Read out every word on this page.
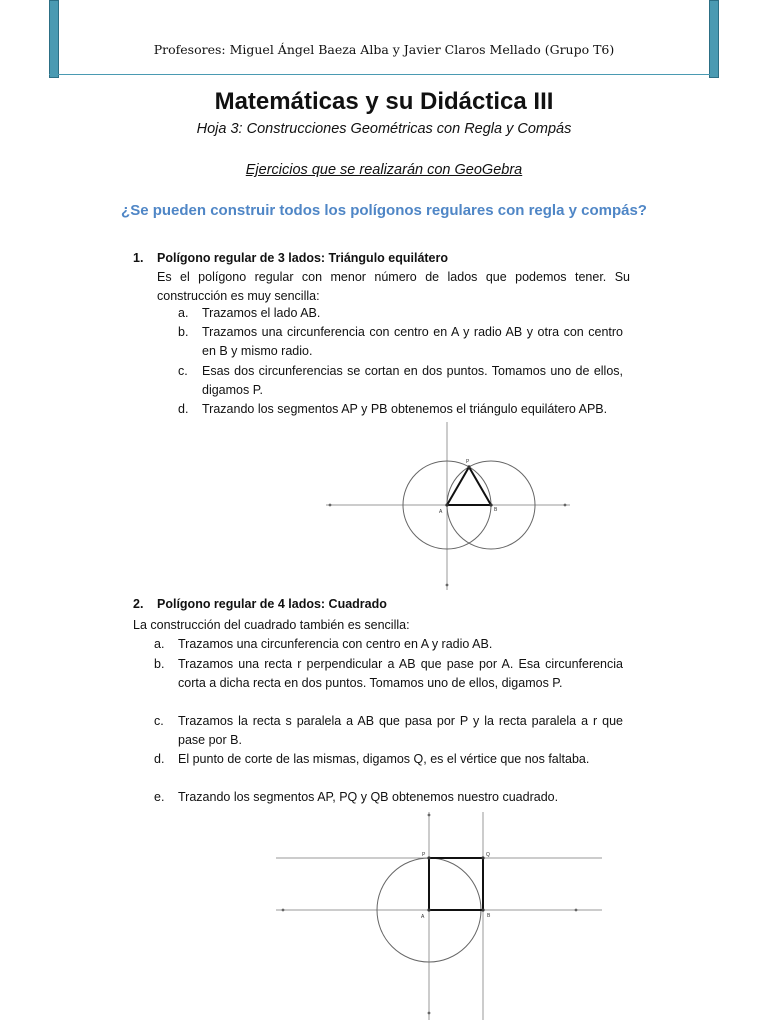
Profesores: Miguel Ángel Baeza Alba y Javier Claros Mellado (Grupo T6)
Matemáticas y su Didáctica III
Hoja 3: Construcciones Geométricas con Regla y Compás
Ejercicios que se realizarán con GeoGebra
¿Se pueden construir todos los polígonos regulares con regla y compás?
1. Polígono regular de 3 lados: Triángulo equilátero
Es el polígono regular con menor número de lados que podemos tener. Su construcción es muy sencilla:
a. Trazamos el lado AB.
b. Trazamos una circunferencia con centro en A y radio AB y otra con centro en B y mismo radio.
c. Esas dos circunferencias se cortan en dos puntos. Tomamos uno de ellos, digamos P.
d. Trazando los segmentos AP y PB obtenemos el triángulo equilátero APB.
A	B
P
2. Polígono regular de 4 lados: Cuadrado
La construcción del cuadrado también es sencilla:
a. Trazamos una circunferencia con centro en A y radio AB.
b. Trazamos una recta r perpendicular a AB que pase por A. Esa circunferencia corta a dicha recta en dos puntos. Tomamos uno de ellos, digamos P.
c. Trazamos la recta s paralela a AB que pasa por P y la recta paralela a r que pase por B.
d. El punto de corte de las mismas, digamos Q, es el vértice que nos faltaba.
e. Trazando los segmentos AP, PQ y QB obtenemos nuestro cuadrado.
A	B
P	Q
